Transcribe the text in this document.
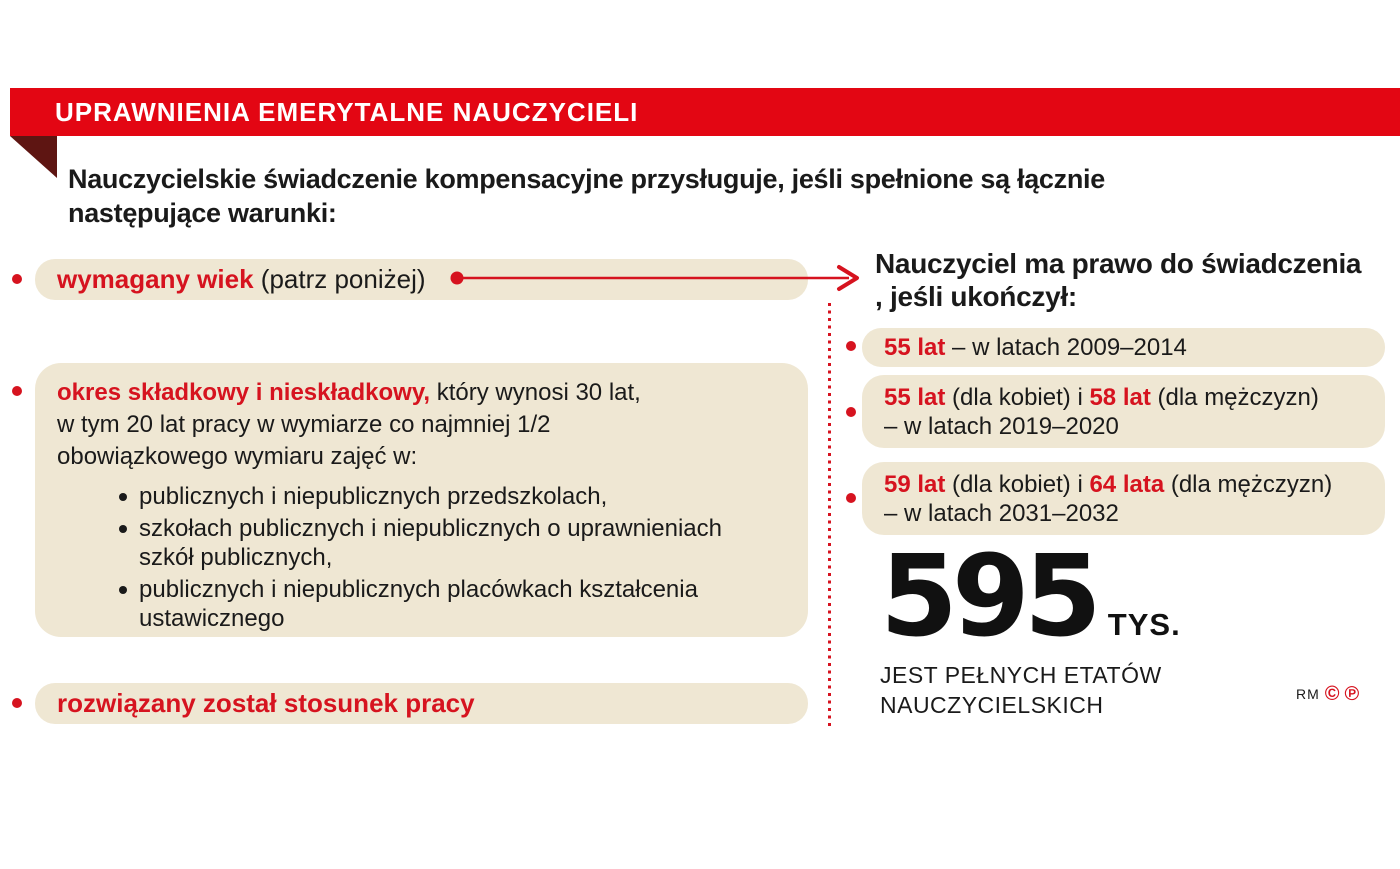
UPRAWNIENIA EMERYTALNE NAUCZYCIELI
Nauczycielskie świadczenie kompensacyjne przysługuje, jeśli spełnione są łącznie
następujące warunki:
wymagany wiek (patrz poniżej)
okres składkowy i nieskładkowy, który wynosi 30 lat,
w tym 20 lat pracy w wymiarze co najmniej 1/2
obowiązkowego wymiaru zajęć w:
publicznych i niepublicznych przedszkolach,
szkołach publicznych i niepublicznych o uprawnieniach szkół publicznych,
publicznych i niepublicznych placówkach kształcenia ustawicznego
rozwiązany został stosunek pracy
Nauczyciel ma prawo do świadczenia
, jeśli ukończył:
55 lat – w latach 2009–2014
55 lat (dla kobiet) i 58 lat (dla mężczyzn)
– w latach 2019–2020
59 lat (dla kobiet) i 64 lata (dla mężczyzn)
– w latach 2031–2032
595 TYS.
JEST PEŁNYCH ETATÓW
NAUCZYCIELSKICH	RM © ℗
